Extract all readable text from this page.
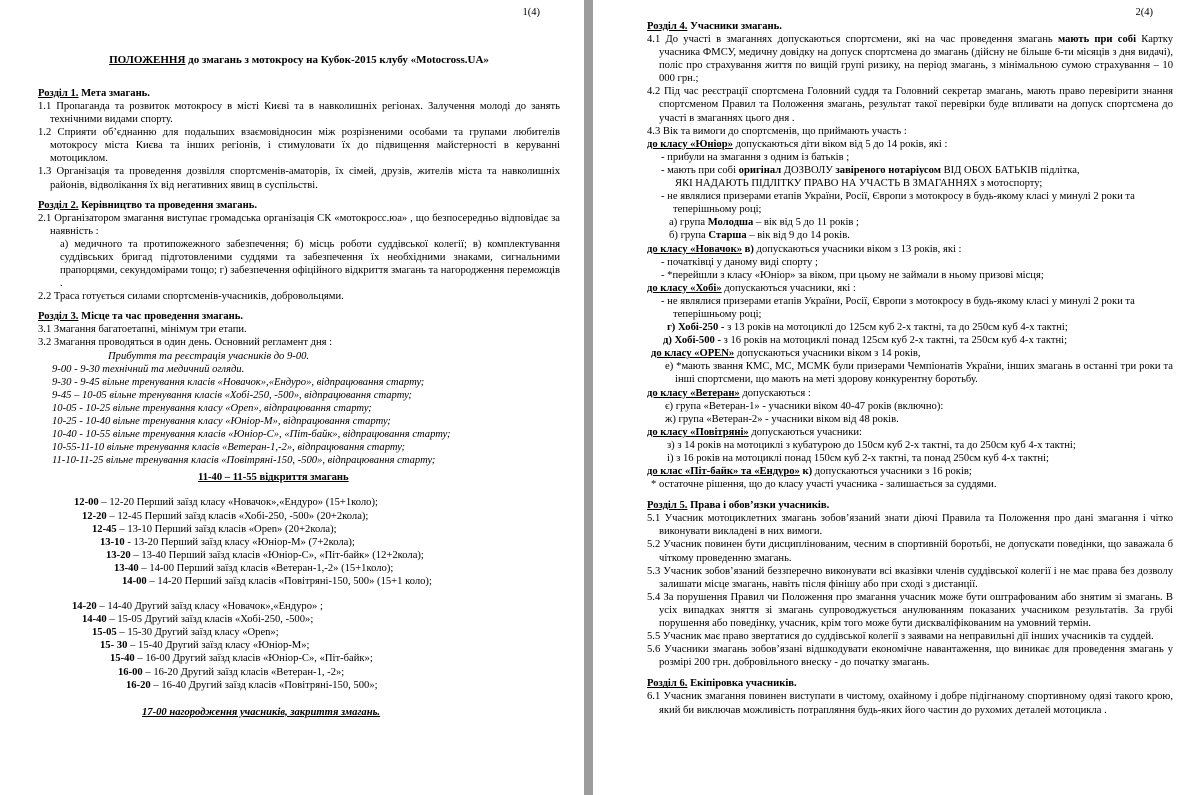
1(4)
ПОЛОЖЕННЯ до змагань з мотокросу на Кубок-2015 клубу «Motocross.UA»
Розділ 1. Мета змагань.

1.1 Пропаганда та розвиток мотокросу в місті Києві та в навколишніх регіонах. Залучення молоді до занять технічними видами спорту.

1.2 Сприяти об’єднанню для подальших взаємовідносин між розрізненими особами та групами любителів мотокросу міста Києва та інших регіонів, і стимуловати їх до підвищення майстерності в керуванні мотоциклом.

1.3 Організація та проведення дозвілля спортсменів-аматорів, їх сімей, друзів, жителів міста та навколишніх районів, відволікання їх від негативних явищ в суспільстві.

Розділ 2. Керівництво та проведення змагань.

2.1 Організатором змагання виступає громадська організація СК «мотокросс.юа» , що безпосередньо відповідає за наявність :

а) медичного та протипожежного забезпечення; б) місць роботи суддівської колегії; в) комплектування суддівських бригад підготовленими суддями та забезпечення їх необхідними знаками, сигнальними прапорцями, секундомірами тощо; г) забезпечення офіційного відкриття змагань та нагородження переможців .

2.2 Траса готується силами спортсменів-учасників, добровольцями.

Розділ 3. Місце та час проведення змагань.

3.1 Змагання багатоетапні, мінімум три етапи.

3.2 Змагання проводяться в один день. Основний регламент дня :

Прибуття та реєстрація учасників до 9-00.

9-00 - 9-30 технічний та медичний огляди.

9-30 - 9-45 вільне тренування класів «Новачок»,«Ендуро», відпрацювання старту;

9-45 – 10-05 вільне тренування класів «Хобі-250, -500», відпрацювання старту;

10-05 - 10-25 вільне тренування класу «Open», відпрацювання старту;

10-25 - 10-40 вільне тренування класу «Юніор-М», відпрацювання старту;

10-40 - 10-55 вільне тренування класів «Юніор-С», «Піт-байк», відпрацювання старту;

10-55-11-10 вільне тренування класів «Ветеран-1,-2», відпрацювання старту;

11-10-11-25 вільне тренування класів «Повітряні-150, -500», відпрацювання старту;

11-40 – 11-55 відкриття змагань

12-00 – 12-20 Перший заїзд класу «Новачок»,«Ендуро» (15+1коло);

12-20 – 12-45 Перший заїзд класів «Хобі-250, -500» (20+2кола);

12-45 – 13-10 Перший заїзд класів «Open» (20+2кола);

13-10 - 13-20 Перший заїзд класу «Юніор-М» (7+2кола);

13-20 – 13-40 Перший заїзд класів «Юніор-С», «Піт-байк» (12+2кола);

13-40 – 14-00 Перший заїзд класів «Ветеран-1,-2» (15+1коло);

14-00 – 14-20 Перший заїзд класів «Повітряні-150, 500» (15+1 коло);

14-20 – 14-40 Другий заїзд класу «Новачок»,«Ендуро» ;

14-40 – 15-05 Другий заїзд класів «Хобі-250, -500»;

15-05 – 15-30 Другий заїзд класу «Open»;

15- 30 – 15-40 Другий заїзд класу «Юніор-М»;

15-40 – 16-00 Другий заїзд класів «Юніор-С», «Піт-байк»;

16-00 – 16-20 Другий заїзд класів «Ветеран-1, -2»;

16-20 – 16-40 Другий заїзд класів «Повітряні-150, 500»;

17-00 нагородження учасників, закриття змагань.

2(4)
Розділ 4. Учасники змагань.

4.1 До участі в змаганнях допускаються спортсмени, які на час проведення змагань мають при собі Картку учасника ФМСУ, медичну довідку на допуск спортсмена до змагань (дійсну не більше 6-ти місяців з дня видачі), поліс про страхування життя по вищій групі ризику, на період змагань, з мінімальною сумою страхування – 10 000 грн.;

4.2 Під час реєстрації спортсмена Головний суддя та Головний секретар змагань, мають право перевірити знання спортсменом Правил та Положення змагань, результат такої перевірки буде впливати на допуск спортсмена до участі в змаганнях цього дня .

4.3 Вік та вимоги до спортсменів, що приймають участь :

до класу «Юніор» допускаються діти віком від 5 до 14 років, які :

- прибули на змагання з одним із батьків ;

- мають при собі оригінал ДОЗВОЛУ завіреного нотаріусом ВІД ОБОХ БАТЬКІВ підлітка,

ЯКІ НАДАЮТЬ ПІДЛІТКУ ПРАВО НА УЧАСТЬ В ЗМАГАННЯХ з мотоспорту;

- не являлися призерами етапів України, Росії, Європи з мотокросу в будь-якому класі у минулі 2 роки та теперішньому році;

а) група Молодша – вік від 5 до 11 років ;

б) група Старша – вік від 9 до 14 років.

до класу «Новачок» в) допускаються учасники віком з 13 років, які :

- початківці у даному виді спорту ;

- *перейшли з класу «Юніор» за віком, при цьому не займали в ньому призові місця;

до класу «Хобі» допускаються учасники, які :

- не являлися призерами етапів України, Росії, Європи з мотокросу в будь-якому класі у минулі 2 роки та теперішньому році;

г) Хобі-250 - з 13 років на мотоциклі до 125см куб 2-х тактні, та до 250см куб 4-х тактні;

д) Хобі-500 - з 16 років на мотоциклі понад 125см куб 2-х тактні, та 250см куб 4-х тактні;

до класу «OPEN» допускаються учасники віком з 14 років,

е) *мають звання КМС, МС, МСМК були призерами Чемпіонатів України, інших змагань в останні три роки та інші спортсмени, що мають на меті здорову конкурентну боротьбу.

до класу «Ветеран» допускаються :

є) група «Ветеран-1» - учасники віком 40-47 років (включно):

ж) група «Ветеран-2» - учасники віком від 48 років.

до класу «Повітряні» допускаються учасники:

з) з 14 років на мотоциклі з кубатурою до 150см куб 2-х тактні, та до 250см куб 4-х тактні;

і) з 16 років на мотоциклі понад 150см куб 2-х тактні, та понад 250см куб 4-х тактні;

до клас «Піт-байк» та «Ендуро» к) допускаються учасники з 16 років;

* остаточне рішення, що до класу участі учасника - залишається за суддями.

Розділ 5. Права і обов’язки учасників.

5.1 Учасник мотоциклетних змагань зобов’язаний знати діючі Правила та Положення про дані змагання і чітко виконувати викладені в них вимоги.

5.2 Учасник повинен бути дисциплінованим, чесним в спортивній боротьбі, не допускати поведінки, що заважала б чіткому проведенню змагань.

5.3 Учасник зобов’язаний беззперечно виконувати всі вказівки членів суддівської колегії і не має права без дозволу залишати місце змагань, навіть після фінішу або при сході з дистанції.

5.4 За порушення Правил чи Положення про змагання учасник може бути оштрафованим або знятим зі змагань. В усіх випадках зняття зі змагань супроводжується анулюванням показаних учасником результатів. За грубі порушення або поведінку, учасник, крім того може бути дискваліфікованим на умовний термін.

5.5 Учасник має право звертатися до суддівської колегії з заявами на неправильні дії інших учасників та суддей.

5.6 Учасники змагань зобов’язані відшкодувати економічне навантаження, що виникає для проведення змагань у розмірі 200 грн. добровільного внеску - до початку змагань.

Розділ 6. Екіпіровка учасників.

6.1 Учасник змагання повинен виступати в чистому, охайному і добре підігнаному спортивному одязі такого крою, який би виключав можливість потрапляння будь-яких його частин до рухомих деталей мотоцикла .
